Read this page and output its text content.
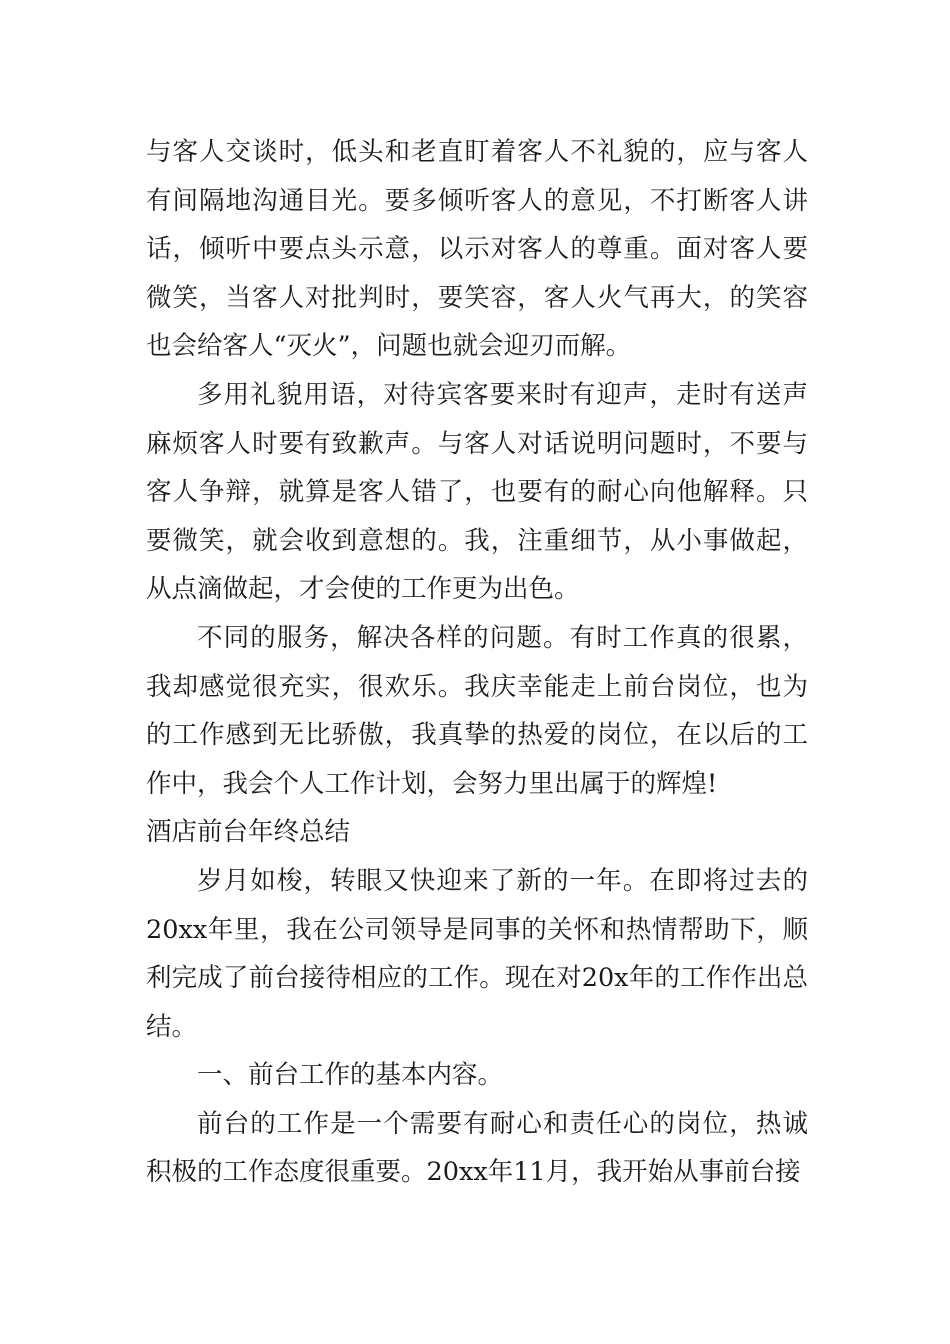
与客人交谈时，低头和老直盯着客人不礼貌的，应与客人有间隔地沟通目光。要多倾听客人的意见，不打断客人讲话，倾听中要点头示意，以示对客人的尊重。面对客人要微笑，当客人对批判时，要笑容，客人火气再大，的笑容也会给客人“灭火”，问题也就会迎刃而解。

多用礼貌用语，对待宾客要来时有迎声，走时有送声麻烦客人时要有致歉声。与客人对话说明问题时，不要与客人争辩，就算是客人错了，也要有的耐心向他解释。只要微笑，就会收到意想的。我，注重细节，从小事做起，从点滴做起，才会使的工作更为出色。

不同的服务，解决各样的问题。有时工作真的很累，我却感觉很充实，很欢乐。我庆幸能走上前台岗位，也为的工作感到无比骄傲，我真挚的热爱的岗位，在以后的工作中，我会个人工作计划，会努力里出属于的辉煌!

酒店前台年终总结

岁月如梭，转眼又快迎来了新的一年。在即将过去的20xx年里，我在公司领导是同事的关怀和热情帮助下，顺利完成了前台接待相应的工作。现在对20x年的工作作出总结。

一、前台工作的基本内容。

前台的工作是一个需要有耐心和责任心的岗位，热诚积极的工作态度很重要。20xx年11月，我开始从事前台接
